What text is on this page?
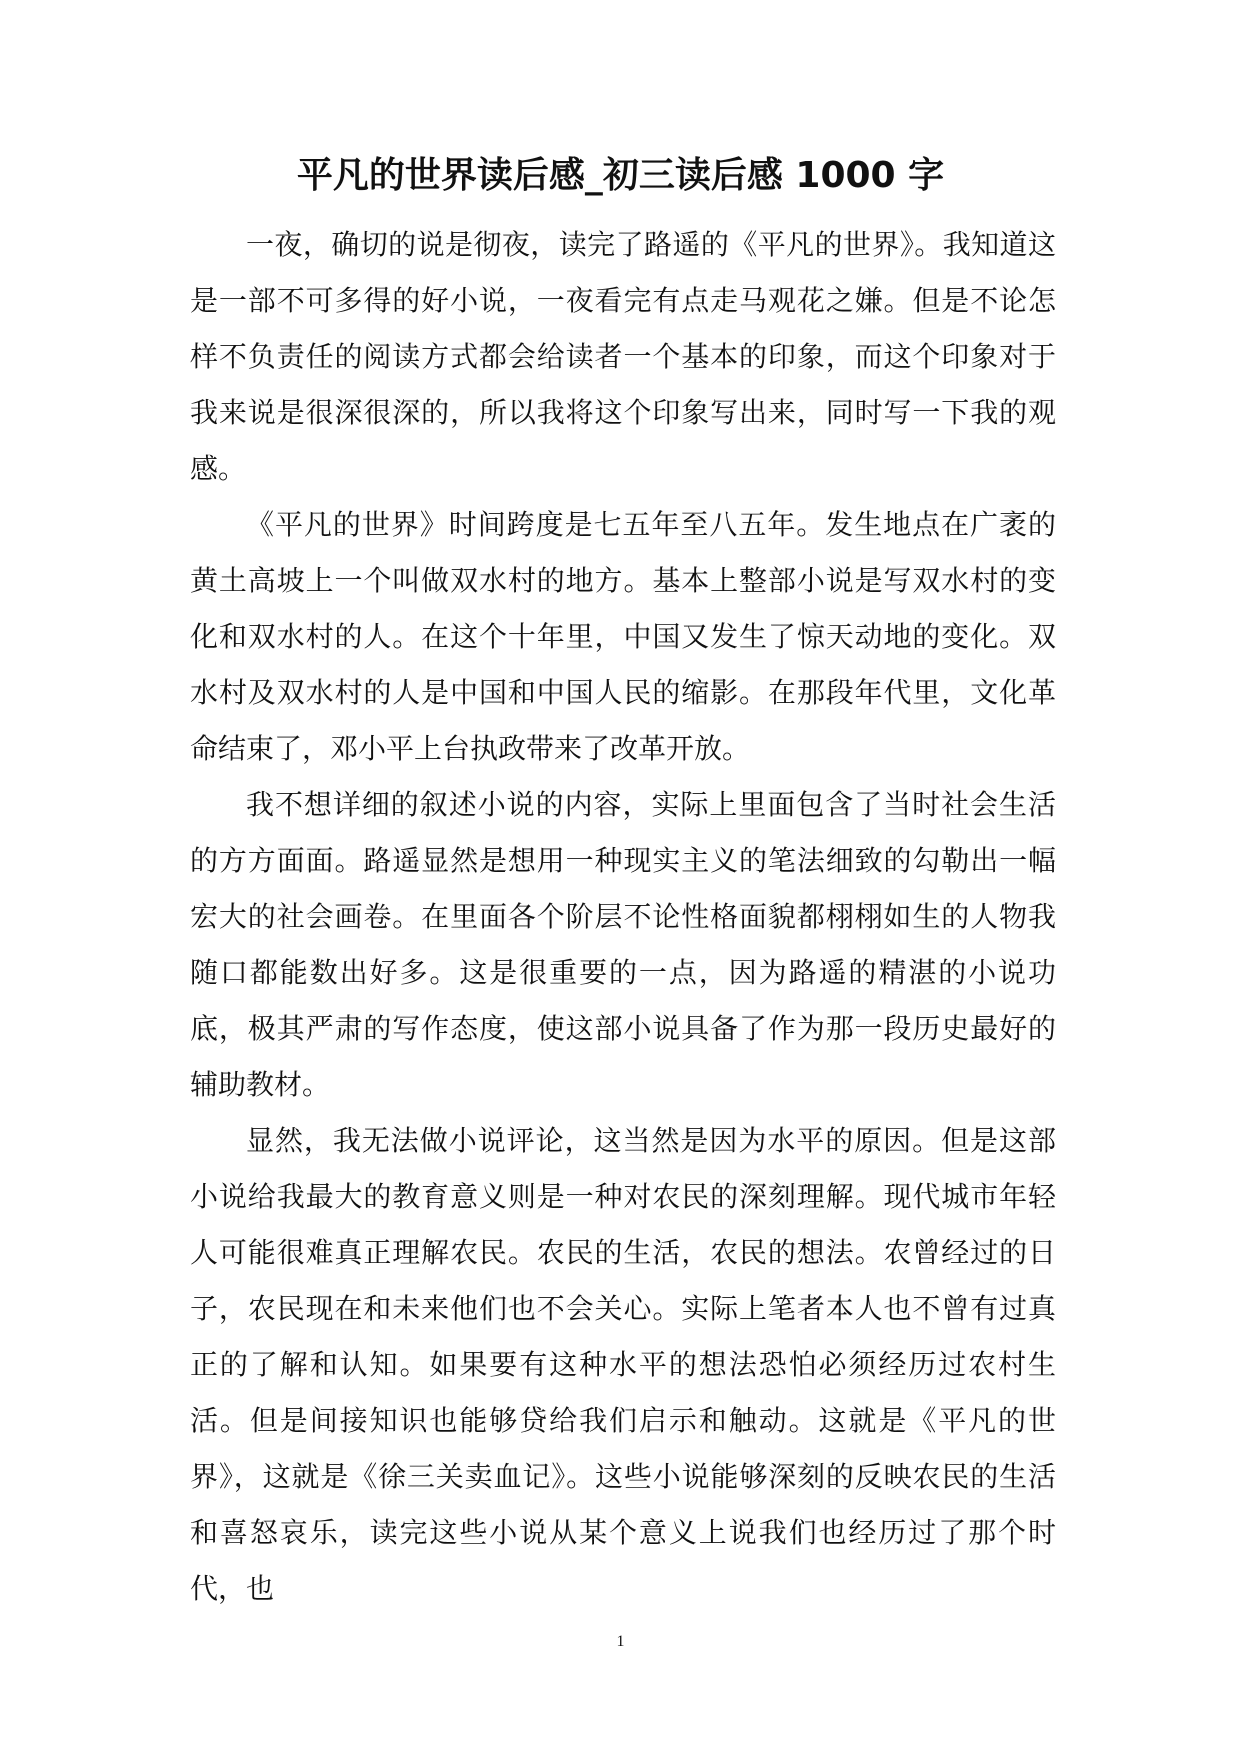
平凡的世界读后感_初三读后感 1000 字

一夜，确切的说是彻夜，读完了路遥的《平凡的世界》。我知道这是一部不可多得的好小说，一夜看完有点走马观花之嫌。但是不论怎样不负责任的阅读方式都会给读者一个基本的印象，而这个印象对于我来说是很深很深的，所以我将这个印象写出来，同时写一下我的观感。

《平凡的世界》时间跨度是七五年至八五年。发生地点在广袤的黄土高坡上一个叫做双水村的地方。基本上整部小说是写双水村的变化和双水村的人。在这个十年里，中国又发生了惊天动地的变化。双水村及双水村的人是中国和中国人民的缩影。在那段年代里，文化革命结束了，邓小平上台执政带来了改革开放。

我不想详细的叙述小说的内容，实际上里面包含了当时社会生活的方方面面。路遥显然是想用一种现实主义的笔法细致的勾勒出一幅宏大的社会画卷。在里面各个阶层不论性格面貌都栩栩如生的人物我随口都能数出好多。这是很重要的一点，因为路遥的精湛的小说功底，极其严肃的写作态度，使这部小说具备了作为那一段历史最好的辅助教材。

显然，我无法做小说评论，这当然是因为水平的原因。但是这部小说给我最大的教育意义则是一种对农民的深刻理解。现代城市年轻人可能很难真正理解农民。农民的生活，农民的想法。农曾经过的日子，农民现在和未来他们也不会关心。实际上笔者本人也不曾有过真正的了解和认知。如果要有这种水平的想法恐怕必须经历过农村生活。但是间接知识也能够贷给我们启示和触动。这就是《平凡的世界》，这就是《徐三关卖血记》。这些小说能够深刻的反映农民的生活和喜怒哀乐，读完这些小说从某个意义上说我们也经历过了那个时代，也

1
